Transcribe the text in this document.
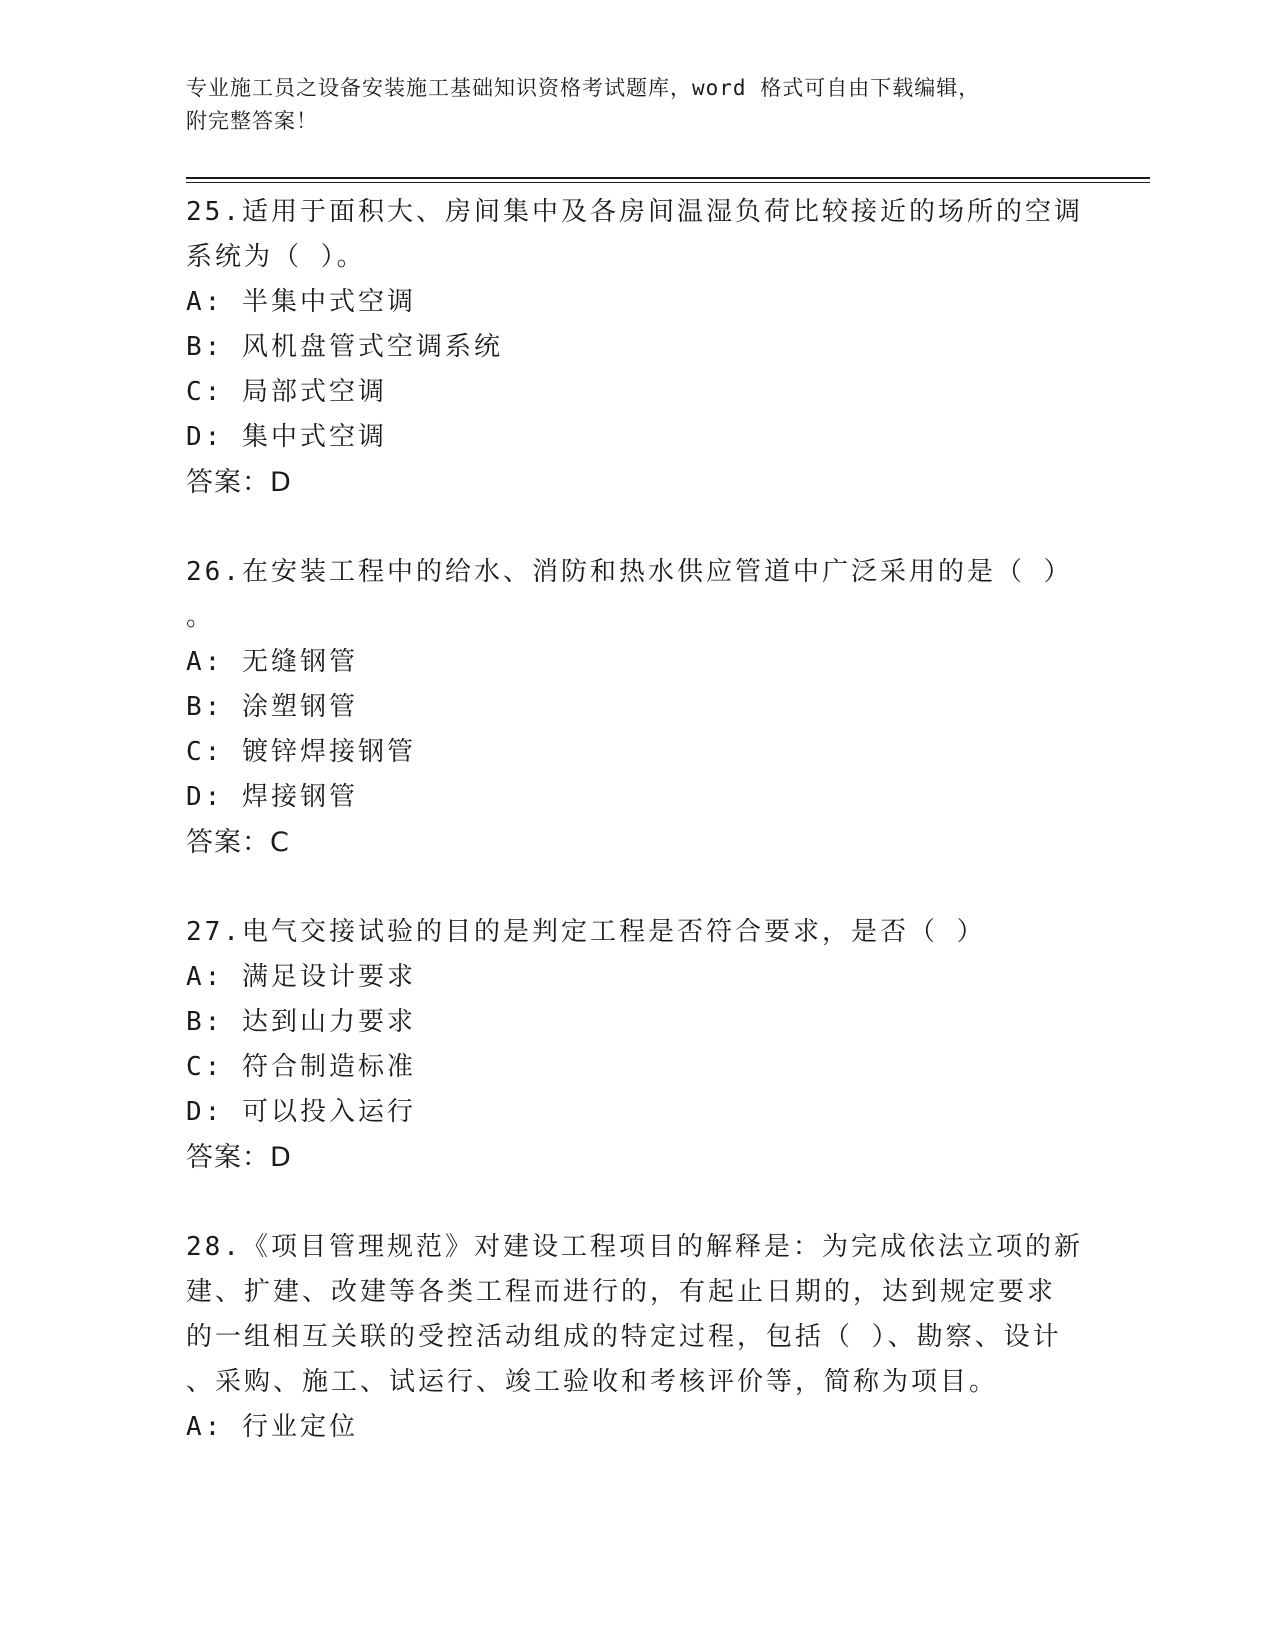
专业施工员之设备安装施工基础知识资格考试题库，word 格式可自由下载编辑，
附完整答案！
25.适用于面积大、房间集中及各房间温湿负荷比较接近的场所的空调
系统为（ ）。
A: 半集中式空调
B: 风机盘管式空调系统
C: 局部式空调
D: 集中式空调
答案：D
26.在安装工程中的给水、消防和热水供应管道中广泛采用的是（ ）
。
A: 无缝钢管
B: 涂塑钢管
C: 镀锌焊接钢管
D: 焊接钢管
答案：C
27.电气交接试验的目的是判定工程是否符合要求，是否（ ）
A: 满足设计要求
B: 达到山力要求
C: 符合制造标准
D: 可以投入运行
答案：D
28.《项目管理规范》对建设工程项目的解释是：为完成依法立项的新
建、扩建、改建等各类工程而进行的，有起止日期的，达到规定要求
的一组相互关联的受控活动组成的特定过程，包括（ ）、勘察、设计
、采购、施工、试运行、竣工验收和考核评价等，简称为项目。
A: 行业定位
